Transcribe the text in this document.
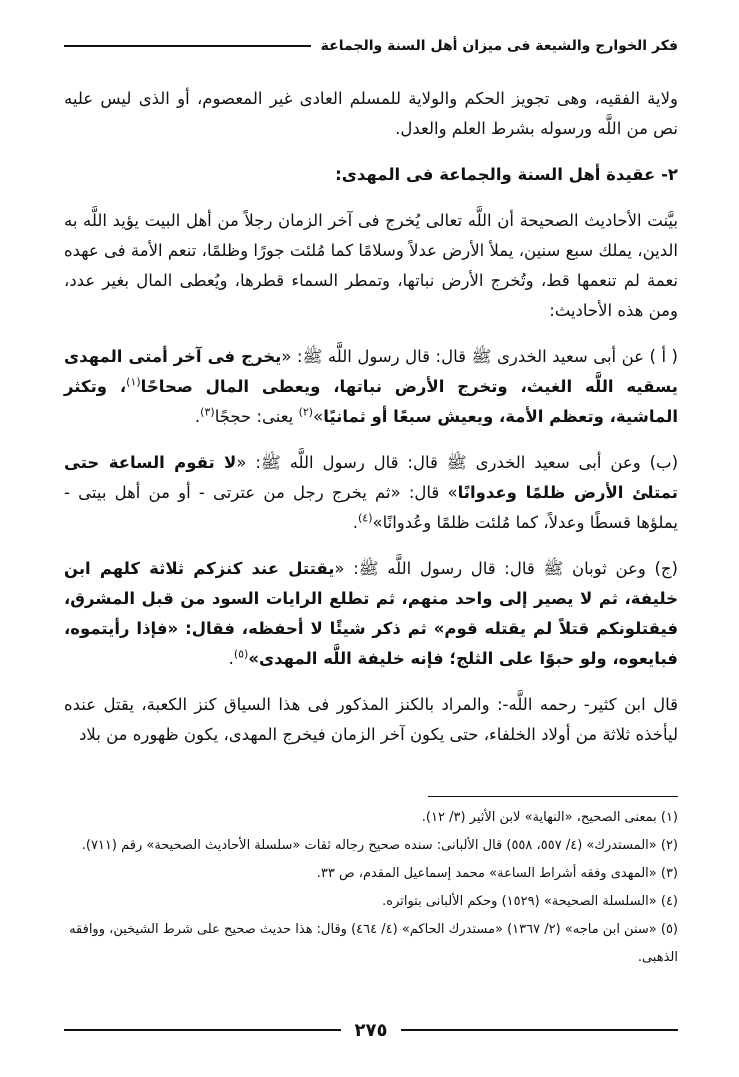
فكر الخوارج والشيعة فى ميزان أهل السنة والجماعة

ولاية الفقيه، وهى تجويز الحكم والولاية للمسلم العادى غير المعصوم، أو الذى ليس عليه نص من اللَّه ورسوله بشرط العلم والعدل.

٢- عقيدة أهل السنة والجماعة فى المهدى:

بيَّنت الأحاديث الصحيحة أن اللَّه تعالى يُخرج فى آخر الزمان رجلاً من أهل البيت يؤيد اللَّه به الدين، يملك سبع سنين، يملأ الأرض عدلاً وسلامًا كما مُلئت جورًا وظلمًا، تنعم الأمة فى عهده نعمة لم تنعمها قط، وتُخرج الأرض نباتها، وتمطر السماء قطرها، ويُعطى المال بغير عدد، ومن هذه الأحاديث:

( أ ) عن أبى سعيد الخدرى ﷺ قال: قال رسول اللَّه ﷺ: «يخرج فى آخر أمتى المهدى يسقيه اللَّه الغيث، وتخرج الأرض نباتها، ويعطى المال صحاحًا$^{(١)}$، وتكثر الماشية، وتعظم الأمة، ويعيش سبعًا أو ثمانيًا»$^{(٢)}$ يعنى: حججًا$^{(٣)}$.

(ب) وعن أبى سعيد الخدرى ﷺ قال: قال رسول اللَّه ﷺ: «لا تقوم الساعة حتى تمتلئ الأرض ظلمًا وعدوانًا» قال: «ثم يخرج رجل من عترتى - أو من أهل بيتى - يملؤها قسطًا وعدلاً، كما مُلئت ظلمًا وعُدوانًا»$^{(٤)}$.

(ج) وعن ثوبان ﷺ قال: قال رسول اللَّه ﷺ: «يقتتل عند كنزكم ثلاثة كلهم ابن خليفة، ثم لا يصير إلى واحد منهم، ثم تطلع الرايات السود من قبل المشرق، فيقتلونكم قتلاً لم يقتله قوم» ثم ذكر شيئًا لا أحفظه، فقال: «فإذا رأيتموه، فبايعوه، ولو حبوًا على الثلج؛ فإنه خليفة اللَّه المهدى»$^{(٥)}$.

قال ابن كثير- رحمه اللَّه-: والمراد بالكنز المذكور فى هذا السياق كنز الكعبة، يقتل عنده ليأخذه ثلاثة من أولاد الخلفاء، حتى يكون آخر الزمان فيخرج المهدى، يكون ظهوره من بلاد

(١) بمعنى الصحيح، «النهاية» لابن الأثير (٣/ ١٢).

(٢) «المستدرك» (٤/ ٥٥٧، ٥٥٨) قال الألبانى: سنده صحيح رجاله ثقات «سلسلة الأحاديث الصحيحة» رقم (٧١١).

(٣) «المهدى وفقه أشراط الساعة» محمد إسماعيل المقدم، ص ٣٣.

(٤) «السلسلة الصحيحة» (١٥٢٩) وحكم الألبانى بتواتره.

(٥) «سنن ابن ماجه» (٢/ ١٣٦٧) «مستدرك الحاكم» (٤/ ٤٦٤) وقال: هذا حديث صحيح على شرط الشيخين، ووافقه الذهبى.

٢٧٥
